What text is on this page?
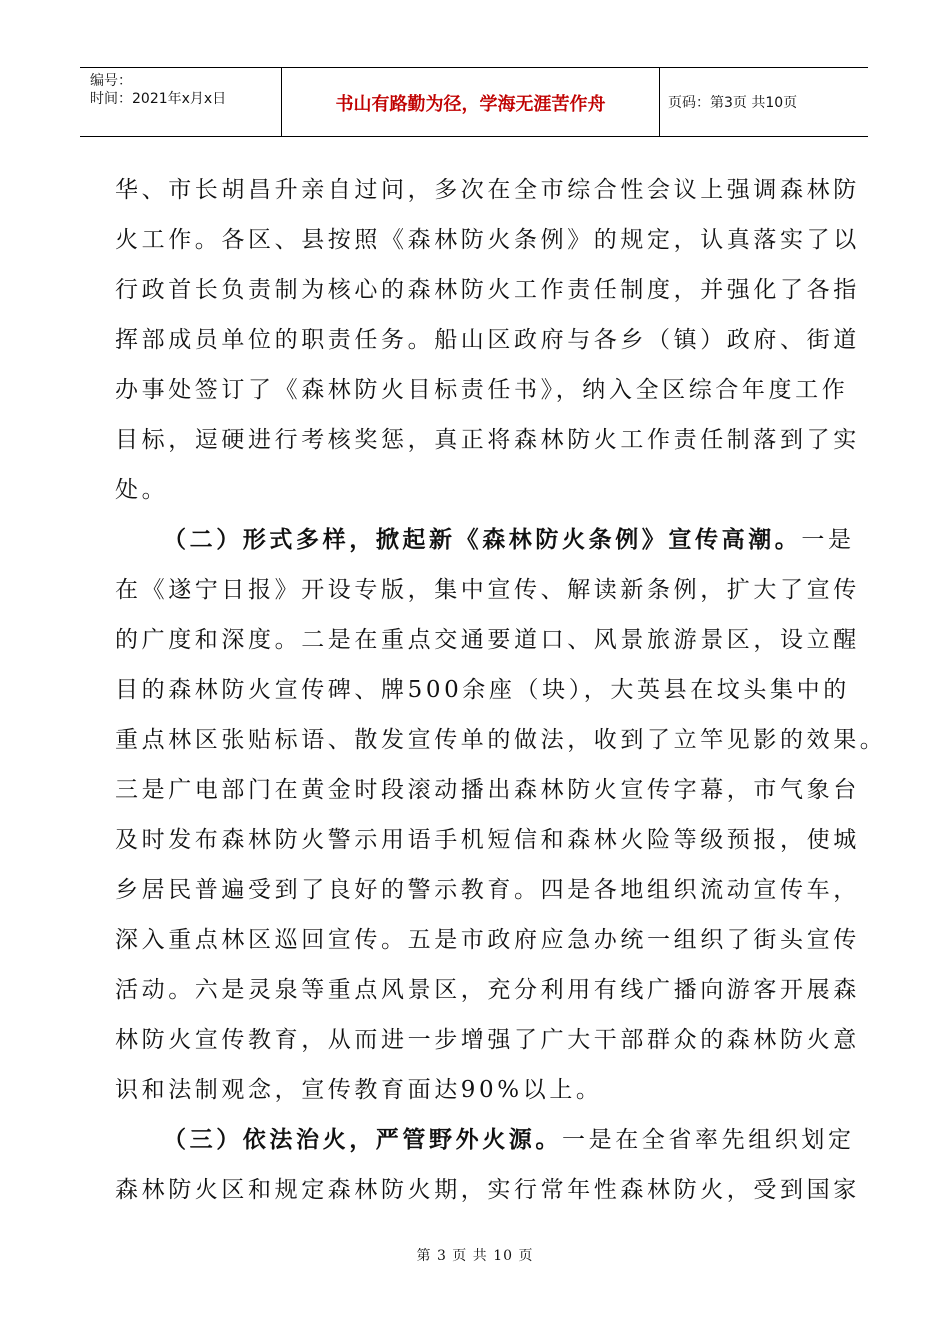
编号：
时间：2021年x月x日	书山有路勤为径，学海无涯苦作舟	页码：第3页 共10页
华、市长胡昌升亲自过问，多次在全市综合性会议上强调森林防
火工作。各区、县按照《森林防火条例》的规定，认真落实了以
行政首长负责制为核心的森林防火工作责任制度，并强化了各指
挥部成员单位的职责任务。船山区政府与各乡（镇）政府、街道
办事处签订了《森林防火目标责任书》，纳入全区综合年度工作
目标，逗硬进行考核奖惩，真正将森林防火工作责任制落到了实
处。
（二）形式多样，掀起新《森林防火条例》宣传高潮。一是
在《遂宁日报》开设专版，集中宣传、解读新条例，扩大了宣传
的广度和深度。二是在重点交通要道口、风景旅游景区，设立醒
目的森林防火宣传碑、牌500余座（块），大英县在坟头集中的
重点林区张贴标语、散发宣传单的做法，收到了立竿见影的效果。
三是广电部门在黄金时段滚动播出森林防火宣传字幕，市气象台
及时发布森林防火警示用语手机短信和森林火险等级预报，使城
乡居民普遍受到了良好的警示教育。四是各地组织流动宣传车，
深入重点林区巡回宣传。五是市政府应急办统一组织了街头宣传
活动。六是灵泉等重点风景区，充分利用有线广播向游客开展森
林防火宣传教育，从而进一步增强了广大干部群众的森林防火意
识和法制观念，宣传教育面达90%以上。
（三）依法治火，严管野外火源。一是在全省率先组织划定
森林防火区和规定森林防火期，实行常年性森林防火，受到国家
第 3 页 共 10 页
